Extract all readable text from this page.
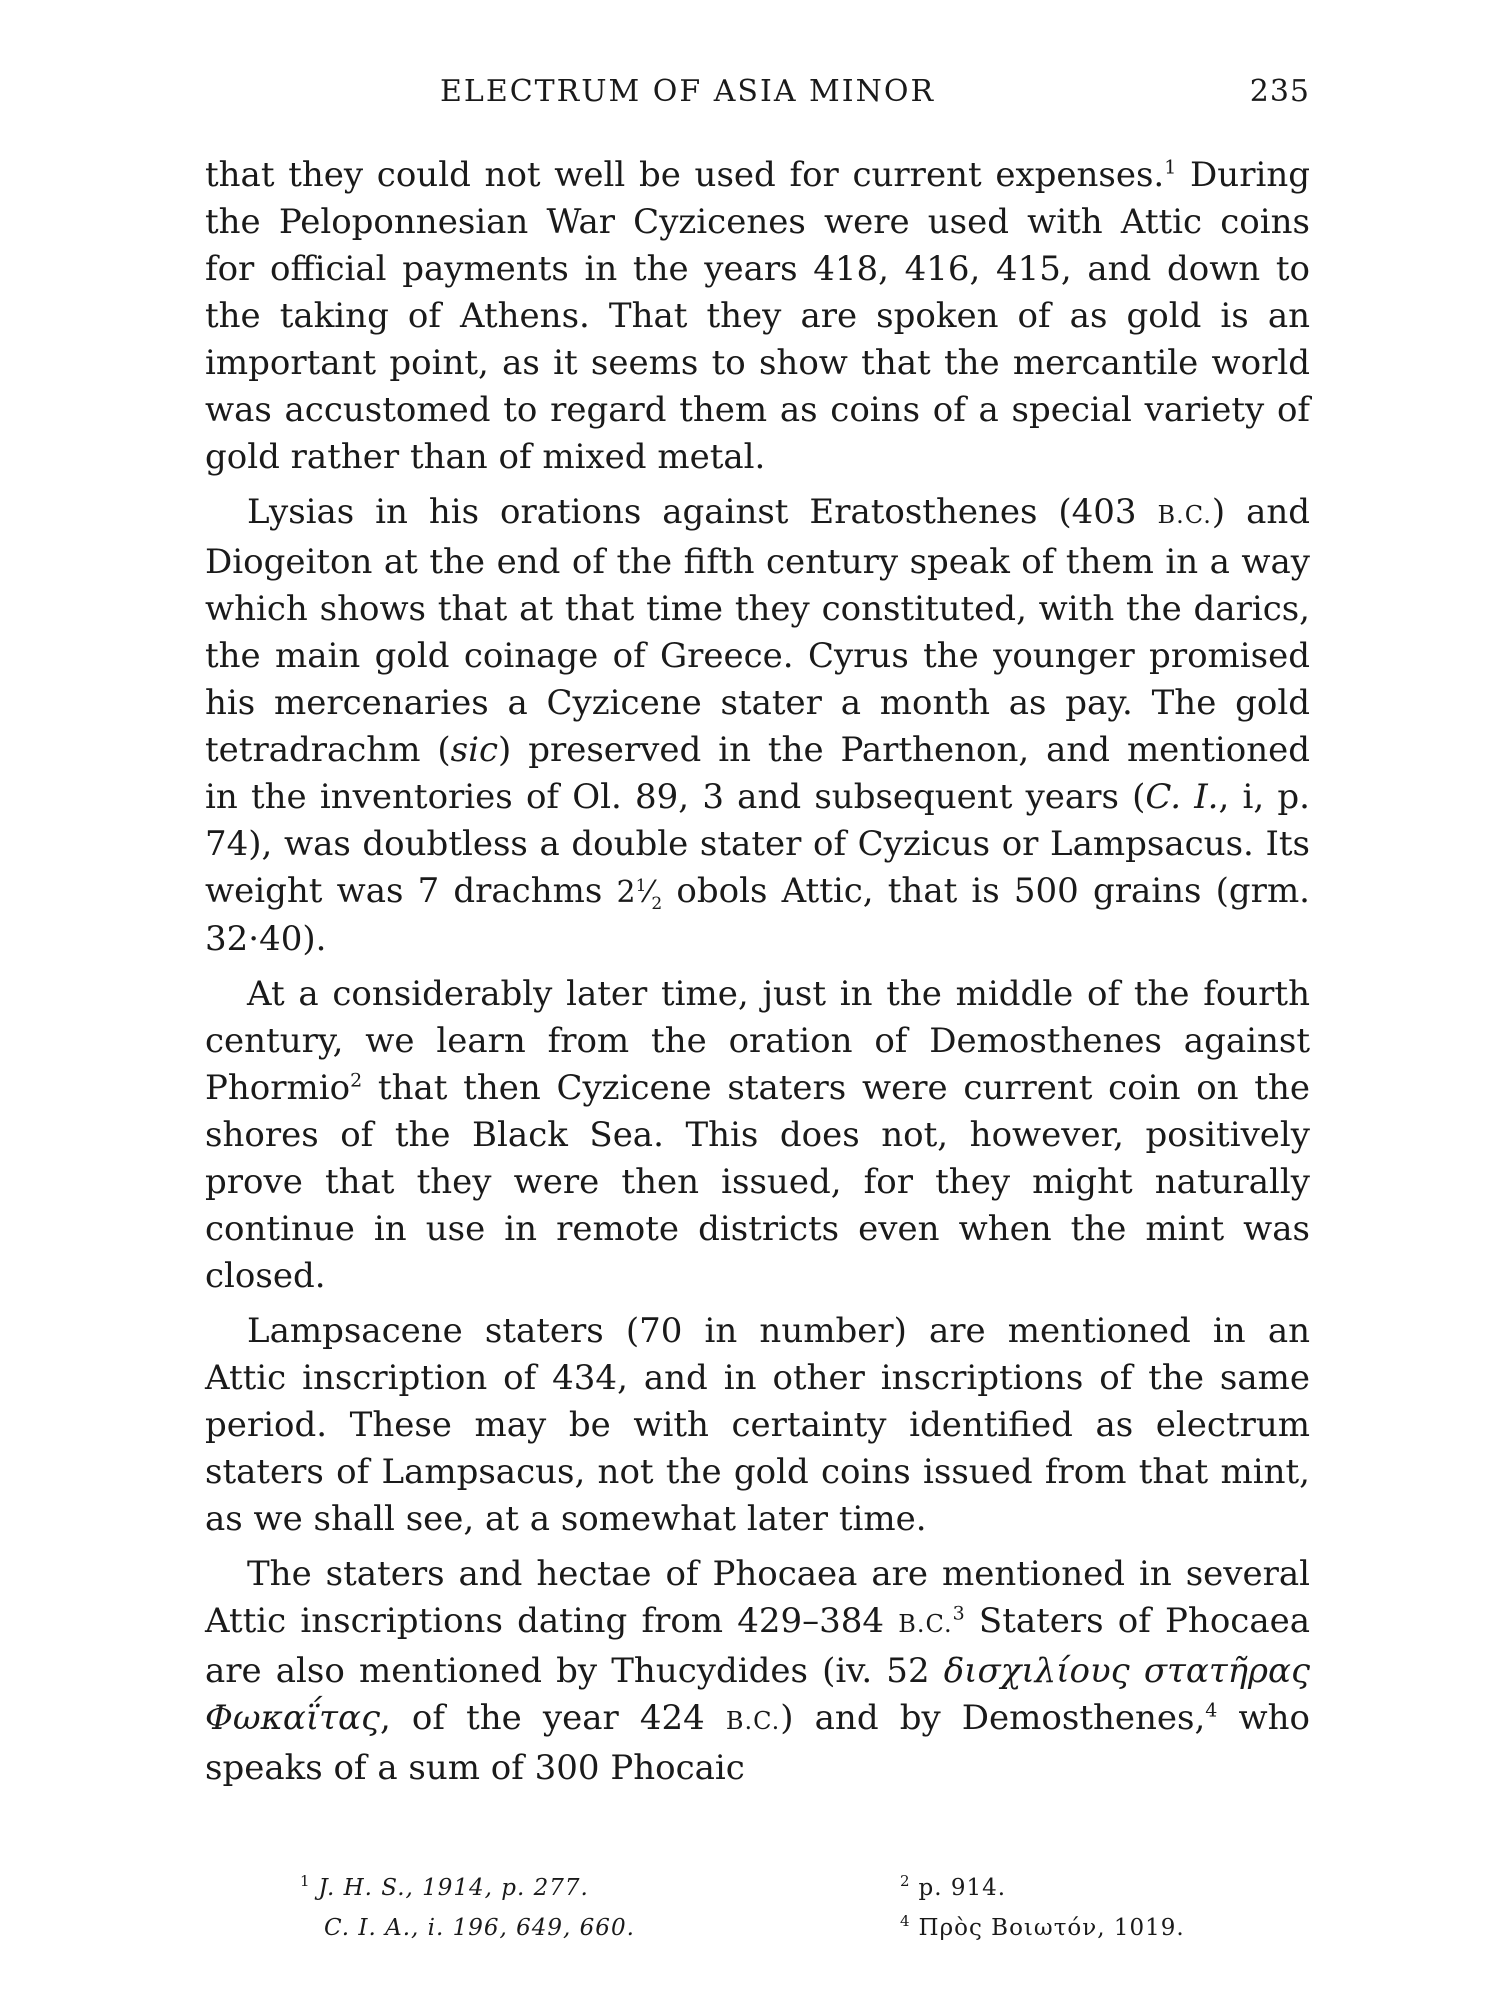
ELECTRUM OF ASIA MINOR	235

that they could not well be used for current expenses.$^1$ During the Peloponnesian War Cyzicenes were used with Attic coins for official payments in the years 418, 416, 415, and down to the taking of Athens. That they are spoken of as gold is an important point, as it seems to show that the mercantile world was accustomed to regard them as coins of a special variety of gold rather than of mixed metal.

Lysias in his orations against Eratosthenes (403 B.C.) and Diogeiton at the end of the fifth century speak of them in a way which shows that at that time they constituted, with the darics, the main gold coinage of Greece. Cyrus the younger promised his mercenaries a Cyzicene stater a month as pay. The gold tetradrachm (sic) preserved in the Parthenon, and mentioned in the inventories of Ol. 89, 3 and subsequent years (C. I., i, p. 74), was doubtless a double stater of Cyzicus or Lampsacus. Its weight was 7 drachms $2^1⁄_2$ obols Attic, that is 500 grains (grm. 32·40).

At a considerably later time, just in the middle of the fourth century, we learn from the oration of Demosthenes against Phormio$^2$ that then Cyzicene staters were current coin on the shores of the Black Sea. This does not, however, positively prove that they were then issued, for they might naturally continue in use in remote districts even when the mint was closed.

Lampsacene staters (70 in number) are mentioned in an Attic inscription of 434, and in other inscriptions of the same period. These may be with certainty identified as electrum staters of Lampsacus, not the gold coins issued from that mint, as we shall see, at a somewhat later time.

The staters and hectae of Phocaea are mentioned in several Attic inscriptions dating from 429–384 B.C.$^3$ Staters of Phocaea are also mentioned by Thucydides (iv. 52 δισχιλίους στατῆρας Φωκαΐτας, of the year 424 B.C.) and by Demosthenes,$^4$ who speaks of a sum of 300 Phocaic

$^1$ J. H. S., 1914, p. 277.	$^2$ p. 914.
C. I. A., i. 196, 649, 660.	$^4$ Πρὸς Βοιωτόν, 1019.
